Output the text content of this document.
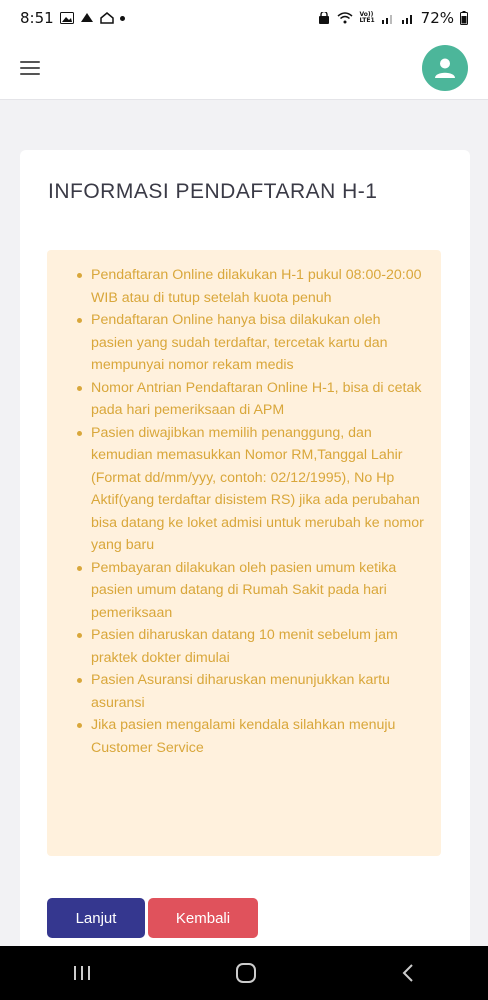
8:51	Vo))
LTE1	72%
INFORMASI PENDAFTARAN H-1
Pendaftaran Online dilakukan H-1 pukul 08:00-20:00 WIB atau di tutup setelah kuota penuh
Pendaftaran Online hanya bisa dilakukan oleh pasien yang sudah terdaftar, tercetak kartu dan mempunyai nomor rekam medis
Nomor Antrian Pendaftaran Online H-1, bisa di cetak pada hari pemeriksaan di APM
Pasien diwajibkan memilih penanggung, dan kemudian memasukkan Nomor RM,Tanggal Lahir (Format dd/mm/yyy, contoh: 02/12/1995), No Hp Aktif(yang terdaftar disistem RS) jika ada perubahan bisa datang ke loket admisi untuk merubah ke nomor yang baru
Pembayaran dilakukan oleh pasien umum ketika pasien umum datang di Rumah Sakit pada hari pemeriksaan
Pasien diharuskan datang 10 menit sebelum jam praktek dokter dimulai
Pasien Asuransi diharuskan menunjukkan kartu asuransi
Jika pasien mengalami kendala silahkan menuju Customer Service
Lanjut	Kembali
